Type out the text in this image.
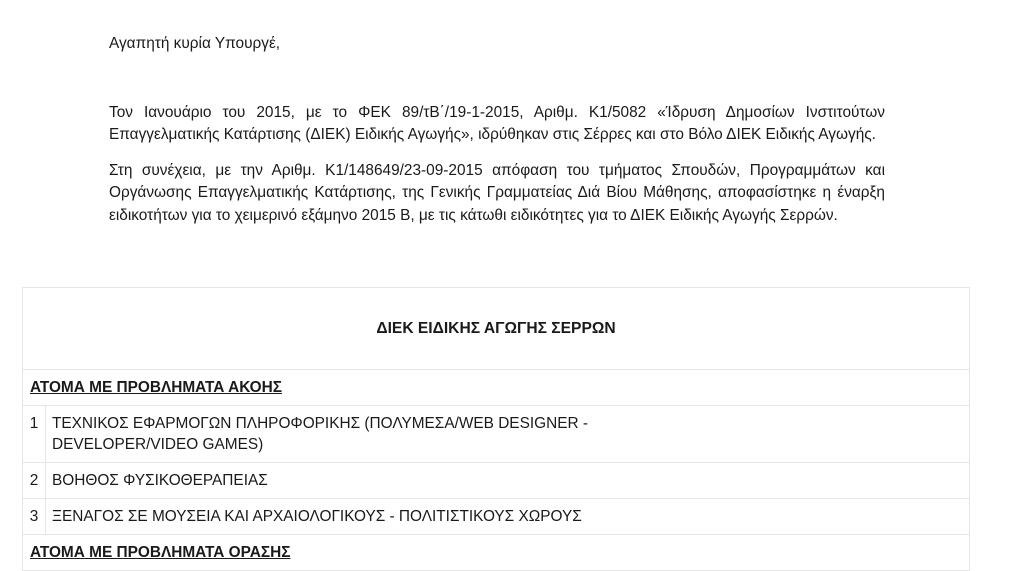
Αγαπητή κυρία Υπουργέ,

Τον Ιανουάριο του 2015, με το ΦΕΚ 89/τΒ΄/19-1-2015, Αριθμ. Κ1/5082 «Ίδρυση Δημοσίων Ινστιτούτων Επαγγελματικής Κατάρτισης (ΔΙΕΚ) Ειδικής Αγωγής», ιδρύθηκαν στις Σέρρες και στο Βόλο ΔΙΕΚ Ειδικής Αγωγής.

Στη συνέχεια, με την Αριθμ. Κ1/148649/23-09-2015 απόφαση του τμήματος Σπουδών, Προγραμμάτων και Οργάνωσης Επαγγελματικής Κατάρτισης, της Γενικής Γραμματείας Διά Βίου Μάθησης, αποφασίστηκε η έναρξη ειδικοτήτων για το χειμερινό εξάμηνο 2015 Β, με τις κάτωθι ειδικότητες για το ΔΙΕΚ Ειδικής Αγωγής Σερρών.

ΔΙΕΚ ΕΙΔΙΚΗΣ ΑΓΩΓΗΣ ΣΕΡΡΩΝ	
ΑΤΟΜΑ ΜΕ ΠΡΟΒΛΗΜΑΤΑ ΑΚΟΗΣ	
1	ΤΕΧΝΙΚΟΣ ΕΦΑΡΜΟΓΩΝ ΠΛΗΡΟΦΟΡΙΚΗΣ (ΠΟΛΥΜΕΣΑ/WEB DESIGNER - DEVELOPER/VIDEO GAMES)

2	ΒΟΗΘΟΣ ΦΥΣΙΚΟΘΕΡΑΠΕΙΑΣ

3	ΞΕΝΑΓΟΣ ΣΕ ΜΟΥΣΕΙΑ ΚΑΙ ΑΡΧΑΙΟΛΟΓΙΚΟΥΣ - ΠΟΛΙΤΙΣΤΙΚΟΥΣ ΧΩΡΟΥΣ

ΑΤΟΜΑ ΜΕ ΠΡΟΒΛΗΜΑΤΑ ΟΡΑΣΗΣ	
